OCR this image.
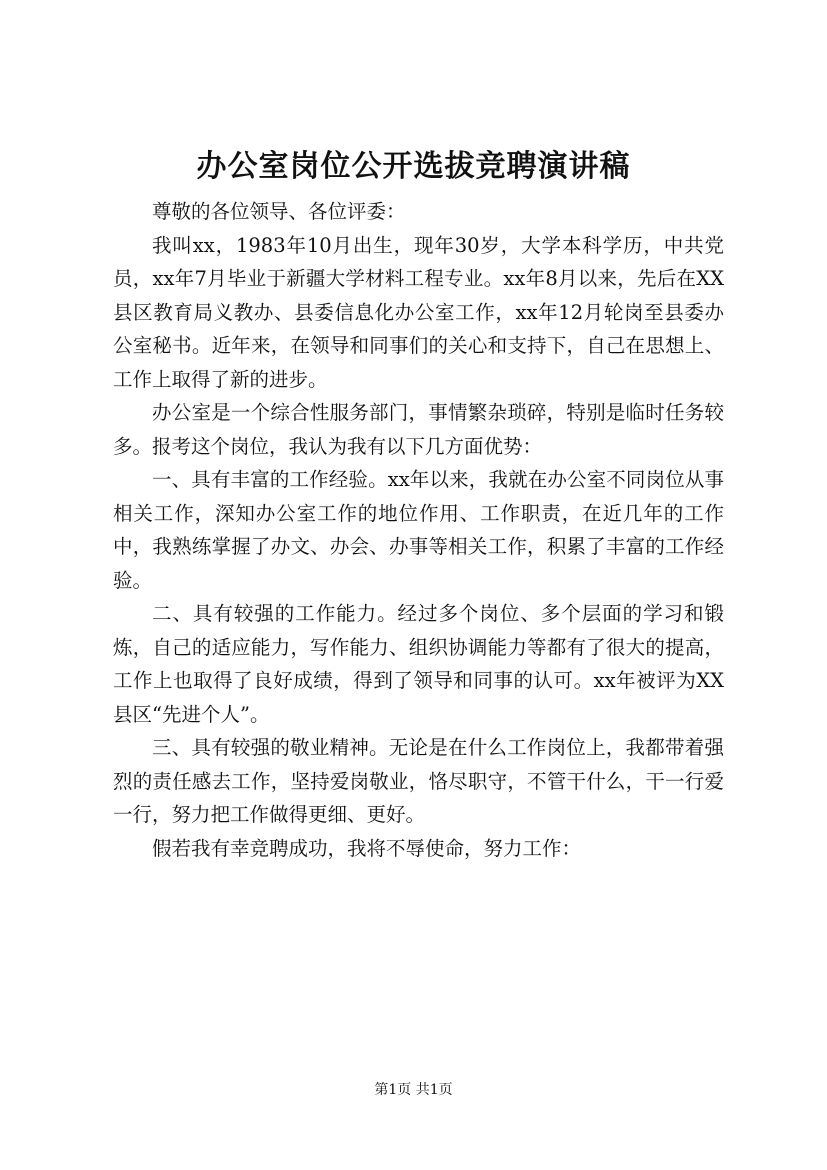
办公室岗位公开选拔竞聘演讲稿

尊敬的各位领导、各位评委：

我叫xx，1983年10月出生，现年30岁，大学本科学历，中共党员，xx年7月毕业于新疆大学材料工程专业。xx年8月以来，先后在XX县区教育局义教办、县委信息化办公室工作，xx年12月轮岗至县委办公室秘书。近年来，在领导和同事们的关心和支持下，自己在思想上、工作上取得了新的进步。

办公室是一个综合性服务部门，事情繁杂琐碎，特别是临时任务较多。报考这个岗位，我认为我有以下几方面优势：

一、具有丰富的工作经验。xx年以来，我就在办公室不同岗位从事相关工作，深知办公室工作的地位作用、工作职责，在近几年的工作中，我熟练掌握了办文、办会、办事等相关工作，积累了丰富的工作经验。

二、具有较强的工作能力。经过多个岗位、多个层面的学习和锻炼，自己的适应能力，写作能力、组织协调能力等都有了很大的提高，工作上也取得了良好成绩，得到了领导和同事的认可。xx年被评为XX县区“先进个人”。

三、具有较强的敬业精神。无论是在什么工作岗位上，我都带着强烈的责任感去工作，坚持爱岗敬业，恪尽职守，不管干什么，干一行爱一行，努力把工作做得更细、更好。

假若我有幸竞聘成功，我将不辱使命，努力工作：

第1页 共1页
